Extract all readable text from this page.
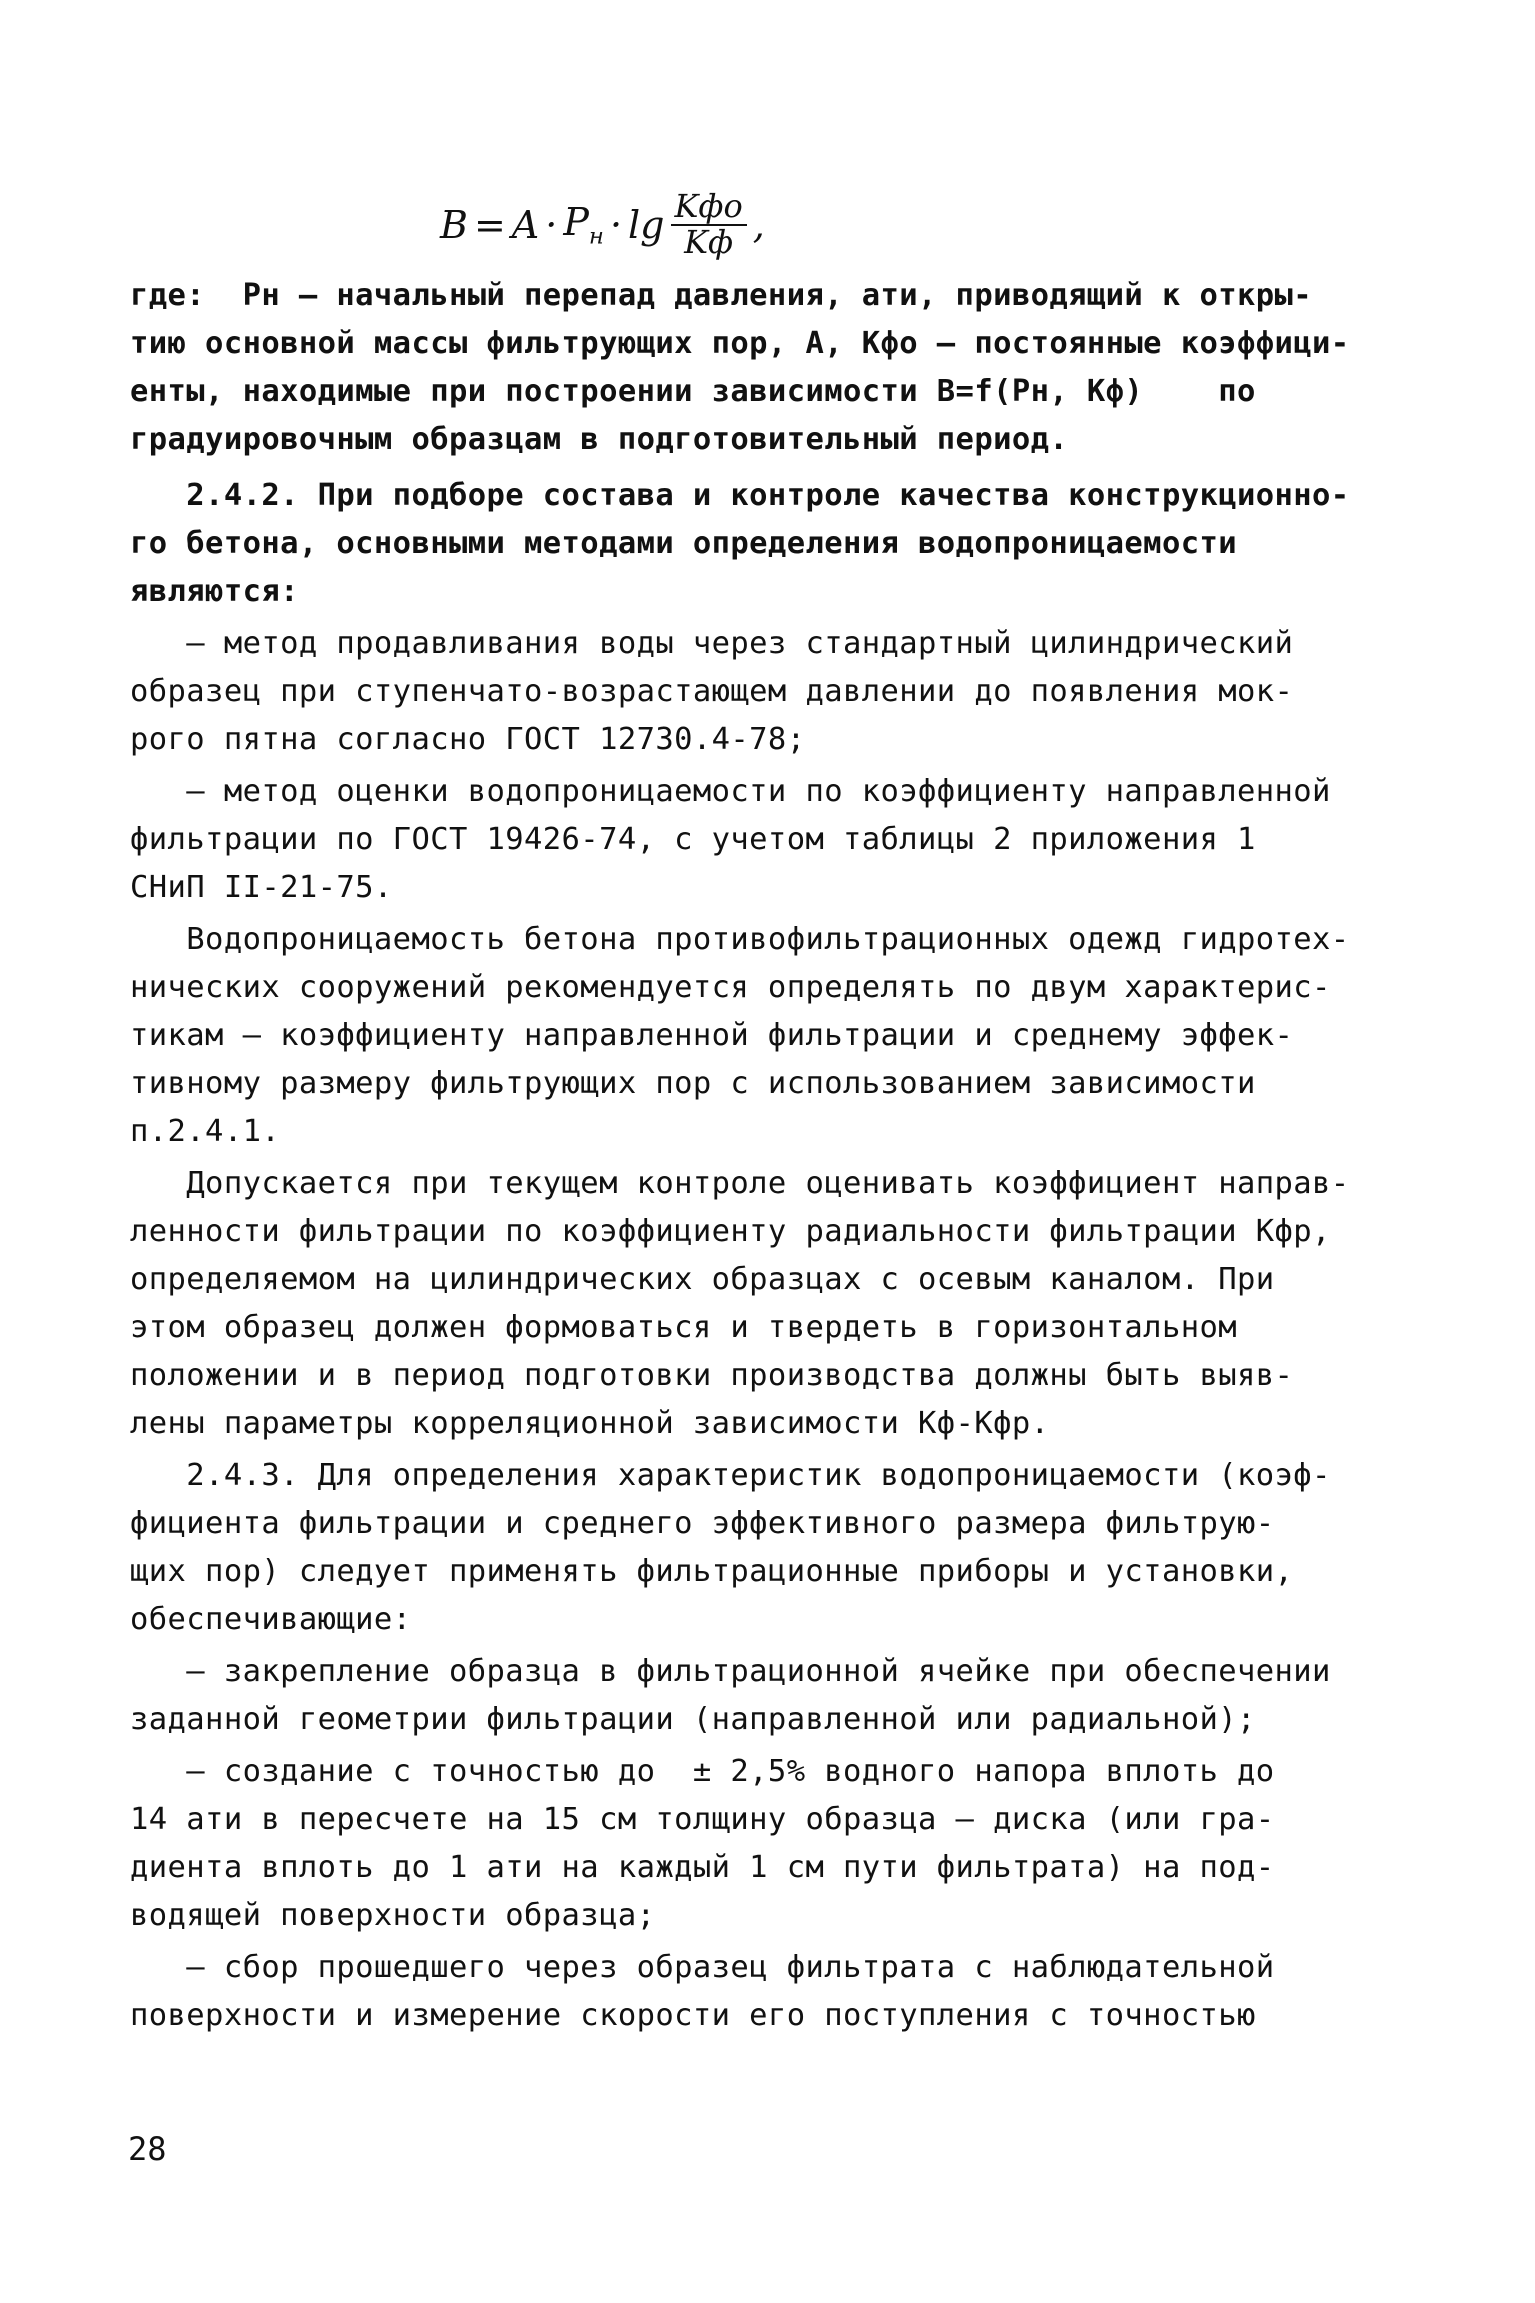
$B = A \cdot P_н \cdot \lg \frac{\text{Kфо}}{Kф}$ ,
где:  Pн – начальный перепад давления, ати, приводящий к откры-
тию основной массы фильтрующих пор, A, Kфо – постоянные коэффици-
енты, находимые при построении зависимости B=f(Pн, Kф)    по
градуировочным образцам в подготовительный период.
2.4.2. При подборе состава и контроле качества конструкционно-
го бетона, основными методами определения водопроницаемости
являются:
– метод продавливания воды через стандартный цилиндрический
образец при ступенчато-возрастающем давлении до появления мок-
рого пятна согласно ГОСТ 12730.4-78;
– метод оценки водопроницаемости по коэффициенту направленной
фильтрации по ГОСТ 19426-74, с учетом таблицы 2 приложения 1
СНиП II-21-75.
Водопроницаемость бетона противофильтрационных одежд гидротех-
нических сооружений рекомендуется определять по двум характерис-
тикам – коэффициенту направленной фильтрации и среднему эффек-
тивному размеру фильтрующих пор с использованием зависимости
п.2.4.1.
Допускается при текущем контроле оценивать коэффициент направ-
ленности фильтрации по коэффициенту радиальности фильтрации Kфр,
определяемом на цилиндрических образцах с осевым каналом. При
этом образец должен формоваться и твердеть в горизонтальном
положении и в период подготовки производства должны быть выяв-
лены параметры корреляционной зависимости Kф-Kфр.
2.4.3. Для определения характеристик водопроницаемости (коэф-
фициента фильтрации и среднего эффективного размера фильтрую-
щих пор) следует применять фильтрационные приборы и установки,
обеспечивающие:
– закрепление образца в фильтрационной ячейке при обеспечении
заданной геометрии фильтрации (направленной или радиальной);
– создание с точностью до  ± 2,5% водного напора вплоть до
14 ати в пересчете на 15 см толщину образца – диска (или гра-
диента вплоть до 1 ати на каждый 1 см пути фильтрата) на под-
водящей поверхности образца;
– сбор прошедшего через образец фильтрата с наблюдательной
поверхности и измерение скорости его поступления с точностью
28
